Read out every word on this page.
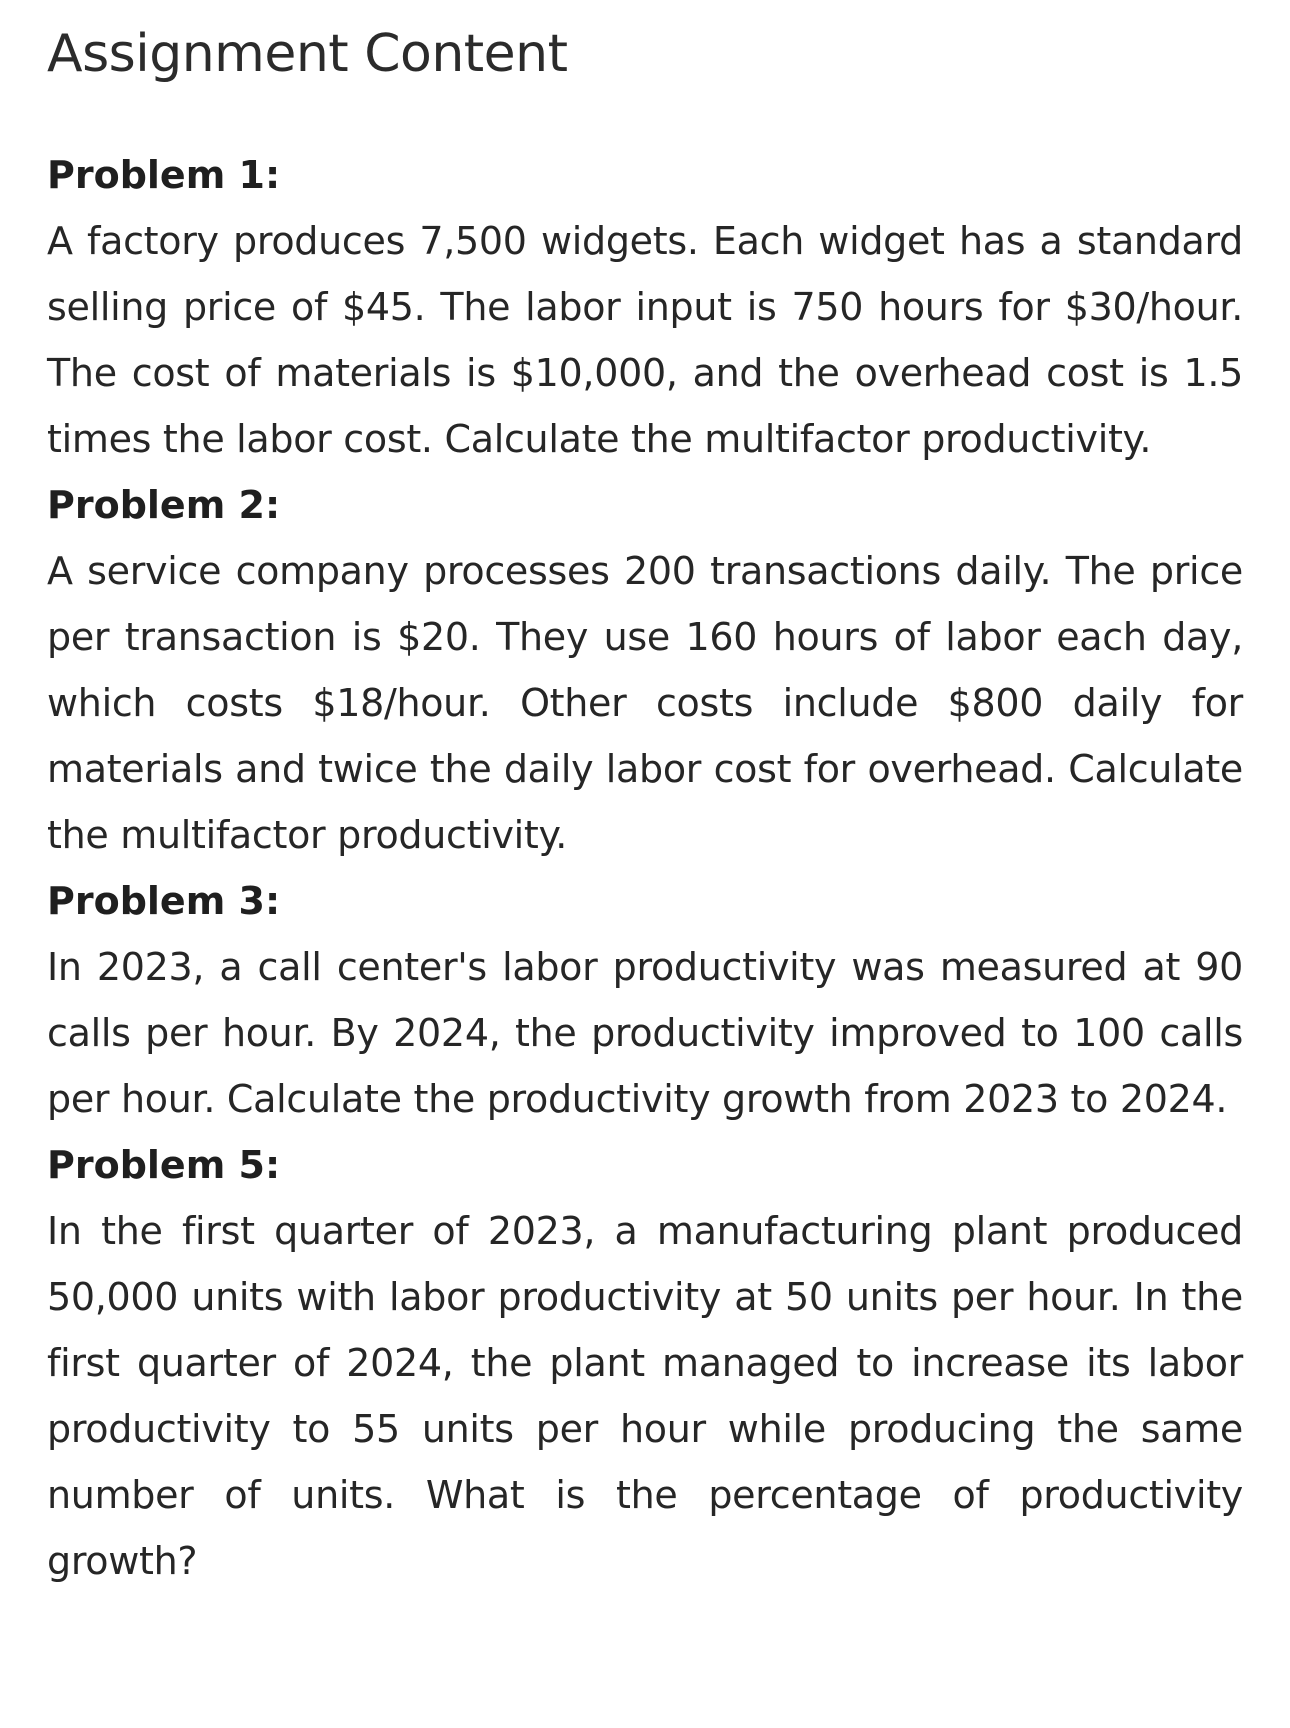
Assignment Content

Problem 1:

A factory produces 7,500 widgets. Each widget has a standard selling price of $45. The labor input is 750 hours for $30/hour. The cost of materials is $10,000, and the overhead cost is 1.5 times the labor cost. Calculate the multifactor productivity.

Problem 2:

A service company processes 200 transactions daily. The price per transaction is $20. They use 160 hours of labor each day, which costs $18/hour. Other costs include $800 daily for materials and twice the daily labor cost for overhead. Calculate the multifactor productivity.

Problem 3:

In 2023, a call center's labor productivity was measured at 90 calls per hour. By 2024, the productivity improved to 100 calls per hour. Calculate the productivity growth from 2023 to 2024.

Problem 5:

In the first quarter of 2023, a manufacturing plant produced 50,000 units with labor productivity at 50 units per hour. In the first quarter of 2024, the plant managed to increase its labor productivity to 55 units per hour while producing the same number of units. What is the percentage of productivity growth?
